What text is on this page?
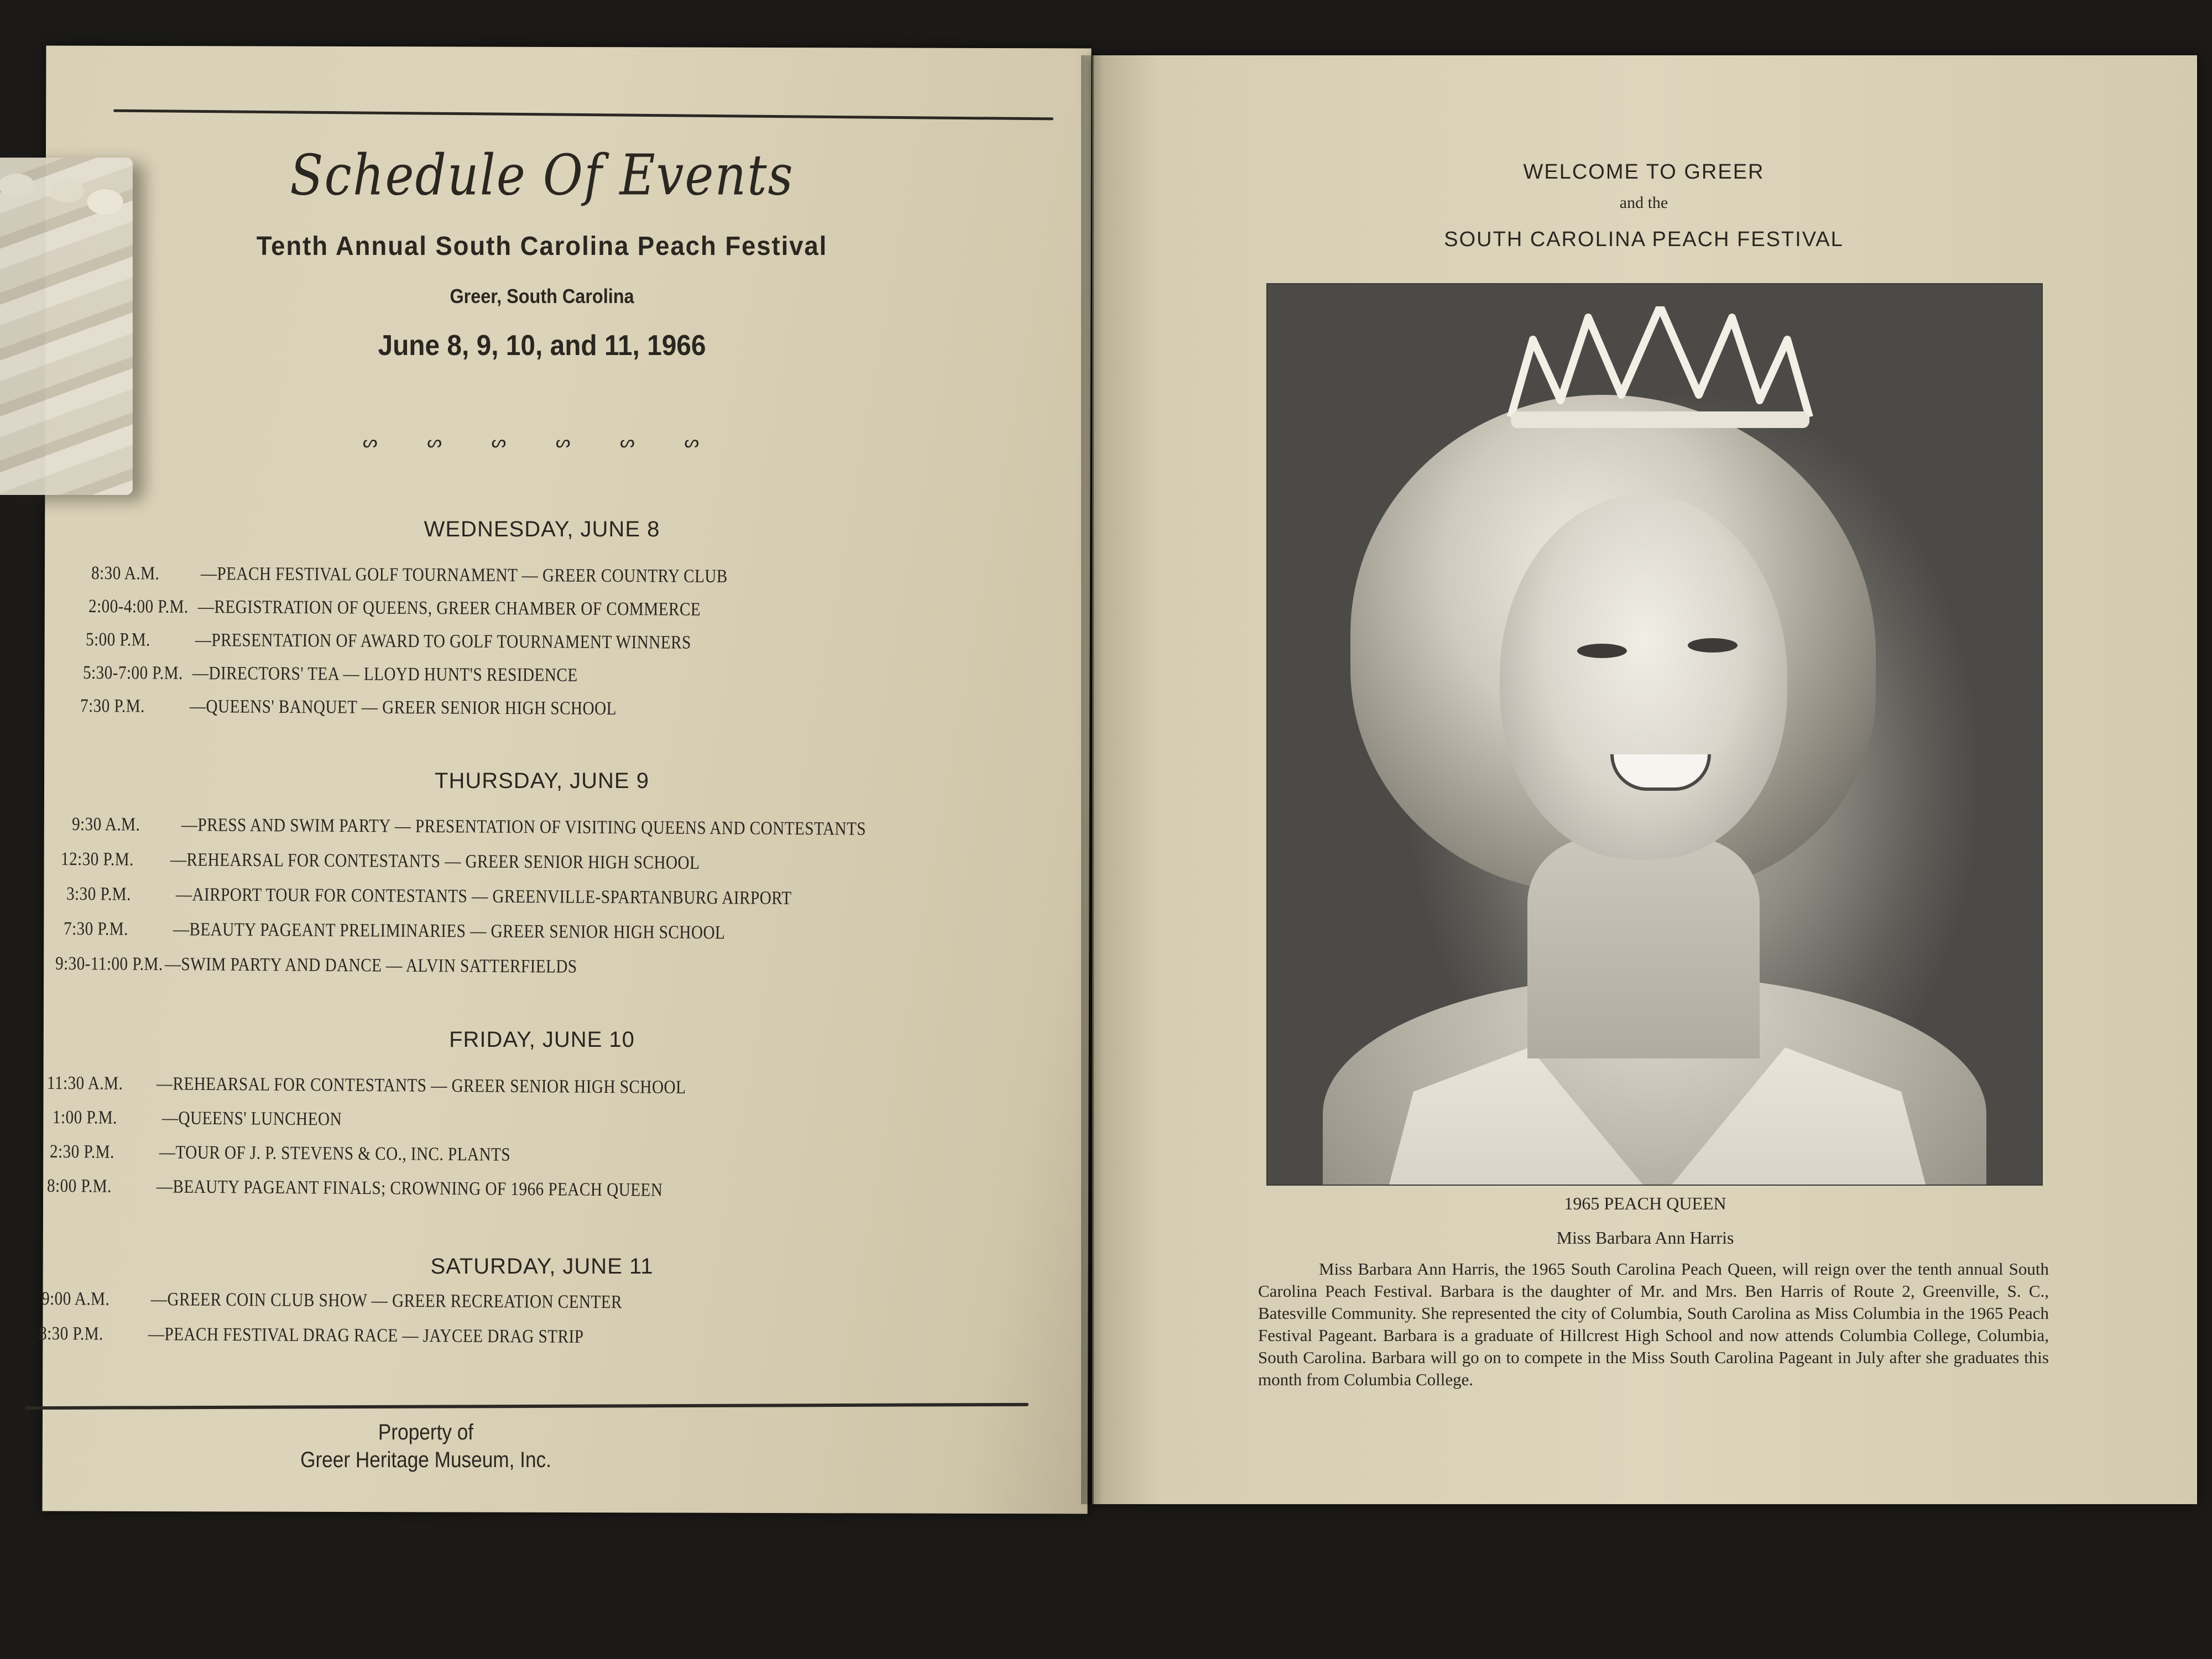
Schedule Of Events
Tenth Annual South Carolina Peach Festival
Greer, South Carolina
June 8, 9, 10, and 11, 1966
ᔕ ᔕ ᔕ ᔕ ᔕ ᔕ
WEDNESDAY, JUNE 8
8:30 A.M. —PEACH FESTIVAL GOLF TOURNAMENT — GREER COUNTRY CLUB
2:00-4:00 P.M. —REGISTRATION OF QUEENS, GREER CHAMBER OF COMMERCE
5:00 P.M. —PRESENTATION OF AWARD TO GOLF TOURNAMENT WINNERS
5:30-7:00 P.M. —DIRECTORS' TEA — LLOYD HUNT'S RESIDENCE
7:30 P.M. —QUEENS' BANQUET — GREER SENIOR HIGH SCHOOL
THURSDAY, JUNE 9
9:30 A.M. —PRESS AND SWIM PARTY — PRESENTATION OF VISITING QUEENS AND CONTESTANTS
12:30 P.M. —REHEARSAL FOR CONTESTANTS — GREER SENIOR HIGH SCHOOL
3:30 P.M. —AIRPORT TOUR FOR CONTESTANTS — GREENVILLE-SPARTANBURG AIRPORT
7:30 P.M. —BEAUTY PAGEANT PRELIMINARIES — GREER SENIOR HIGH SCHOOL
9:30-11:00 P.M.—SWIM PARTY AND DANCE — ALVIN SATTERFIELDS
FRIDAY, JUNE 10
11:30 A.M. —REHEARSAL FOR CONTESTANTS — GREER SENIOR HIGH SCHOOL
1:00 P.M. —QUEENS' LUNCHEON
2:30 P.M. —TOUR OF J. P. STEVENS & CO., INC. PLANTS
8:00 P.M. —BEAUTY PAGEANT FINALS; CROWNING OF 1966 PEACH QUEEN
SATURDAY, JUNE 11
9:00 A.M. —GREER COIN CLUB SHOW — GREER RECREATION CENTER
8:30 P.M. —PEACH FESTIVAL DRAG RACE — JAYCEE DRAG STRIP
Property of
Greer Heritage Museum, Inc.
WELCOME TO GREER
and the
SOUTH CAROLINA PEACH FESTIVAL
1965 PEACH QUEEN
Miss Barbara Ann Harris
Miss Barbara Ann Harris, the 1965 South Carolina Peach Queen, will reign over the tenth annual South Carolina Peach Festival. Barbara is the daughter of Mr. and Mrs. Ben Harris of Route 2, Greenville, S. C., Batesville Community. She represented the city of Columbia, South Carolina as Miss Columbia in the 1965 Peach Festival Pageant. Barbara is a graduate of Hillcrest High School and now attends Columbia College, Columbia, South Carolina. Barbara will go on to compete in the Miss South Carolina Pageant in July after she graduates this month from Columbia College.
